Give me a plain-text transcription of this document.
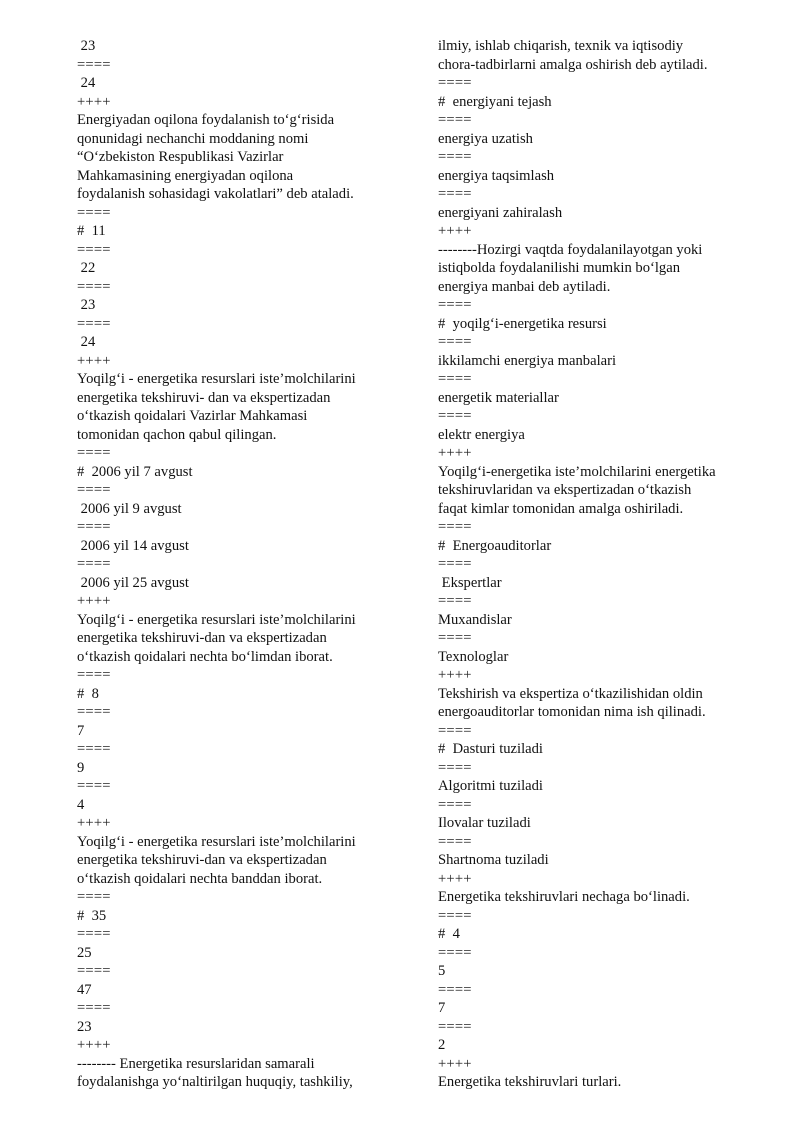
23
====
24
++++
Energiyadan oqilona foydalanish to‘g‘risida
qonunidagi nechanchi moddaning nomi
“O‘zbekiston Respublikasi Vazirlar
Mahkamasining energiyadan oqilona
foydalanish sohasidagi vakolatlari” deb ataladi.
====
#  11
====
22
====
23
====
24
++++
Yoqilg‘i - energetika resurslari iste’molchilarini
energetika tekshiruvi- dan va ekspertizadan
o‘tkazish qoidalari Vazirlar Mahkamasi
tomonidan qachon qabul qilingan.
====
#  2006 yil 7 avgust
====
2006 yil 9 avgust
====
2006 yil 14 avgust
====
2006 yil 25 avgust
++++
Yoqilg‘i - energetika resurslari iste’molchilarini
energetika tekshiruvi-dan va ekspertizadan
o‘tkazish qoidalari nechta bo‘limdan iborat.
====
#  8
====
7
====
9
====
4
++++
Yoqilg‘i - energetika resurslari iste’molchilarini
energetika tekshiruvi-dan va ekspertizadan
o‘tkazish qoidalari nechta banddan iborat.
====
#  35
====
25
====
47
====
23
++++
-------- Energetika resurslaridan samarali
foydalanishga yo‘naltirilgan huquqiy, tashkiliy,
ilmiy, ishlab chiqarish, texnik va iqtisodiy
chora-tadbirlarni amalga oshirish deb aytiladi.
====
#  energiyani tejash
====
energiya uzatish
====
energiya taqsimlash
====
energiyani zahiralash
++++
--------Hozirgi vaqtda foydalanilayotgan yoki
istiqbolda foydalanilishi mumkin bo‘lgan
energiya manbai deb aytiladi.
====
#  yoqilg‘i-energetika resursi
====
ikkilamchi energiya manbalari
====
energetik materiallar
====
elektr energiya
++++
Yoqilg‘i-energetika iste’molchilarini energetika
tekshiruvlaridan va ekspertizadan o‘tkazish
faqat kimlar tomonidan amalga oshiriladi.
====
#  Energoauditorlar
====
Ekspertlar
====
Muxandislar
====
Texnologlar
++++
Tekshirish va ekspertiza o‘tkazilishidan oldin
energoauditorlar tomonidan nima ish qilinadi.
====
#  Dasturi tuziladi
====
Algoritmi tuziladi
====
Ilovalar tuziladi
====
Shartnoma tuziladi
++++
Energetika tekshiruvlari nechaga bo‘linadi.
====
#  4
====
5
====
7
====
2
++++
Energetika tekshiruvlari turlari.
